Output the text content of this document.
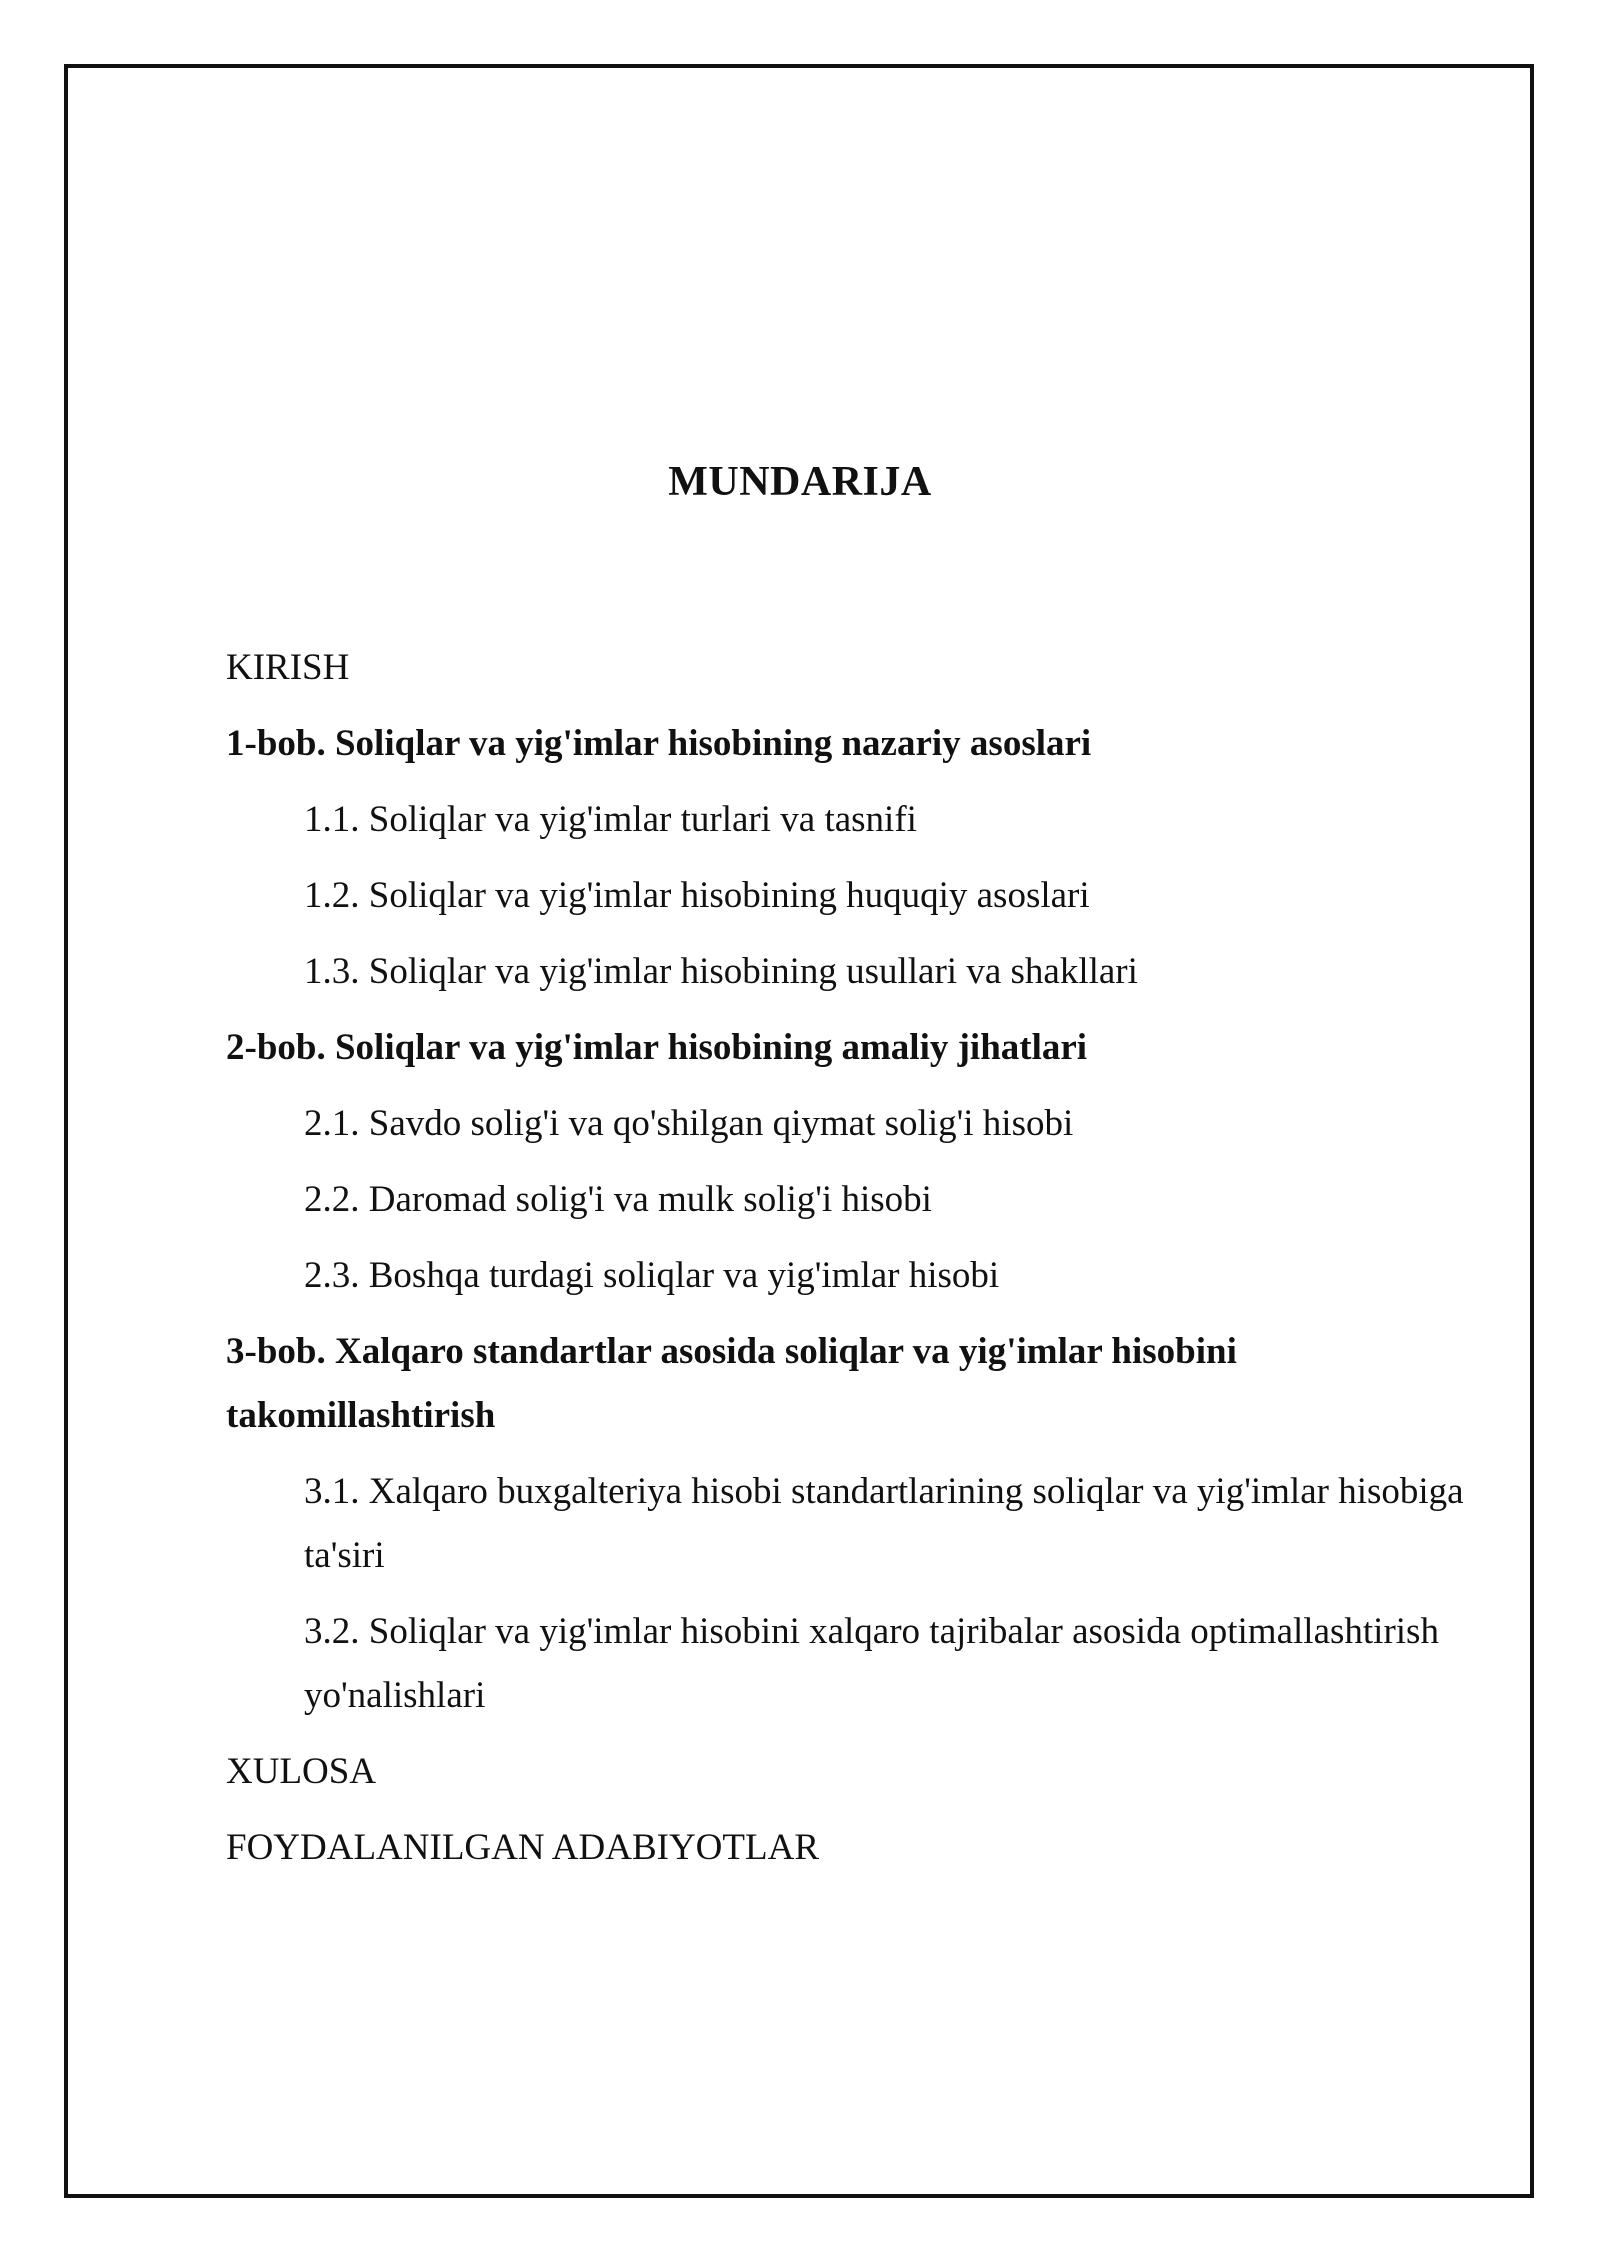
MUNDARIJA
KIRISH
1-bob. Soliqlar va yig'imlar hisobining nazariy asoslari
1.1. Soliqlar va yig'imlar turlari va tasnifi
1.2. Soliqlar va yig'imlar hisobining huquqiy asoslari
1.3. Soliqlar va yig'imlar hisobining usullari va shakllari
2-bob. Soliqlar va yig'imlar hisobining amaliy jihatlari
2.1. Savdo solig'i va qo'shilgan qiymat solig'i hisobi
2.2. Daromad solig'i va mulk solig'i hisobi
2.3. Boshqa turdagi soliqlar va yig'imlar hisobi
3-bob. Xalqaro standartlar asosida soliqlar va yig'imlar hisobini takomillashtirish
3.1. Xalqaro buxgalteriya hisobi standartlarining soliqlar va yig'imlar hisobiga ta'siri
3.2. Soliqlar va yig'imlar hisobini xalqaro tajribalar asosida optimallashtirish yo'nalishlari
XULOSA
FOYDALANILGAN ADABIYOTLAR
